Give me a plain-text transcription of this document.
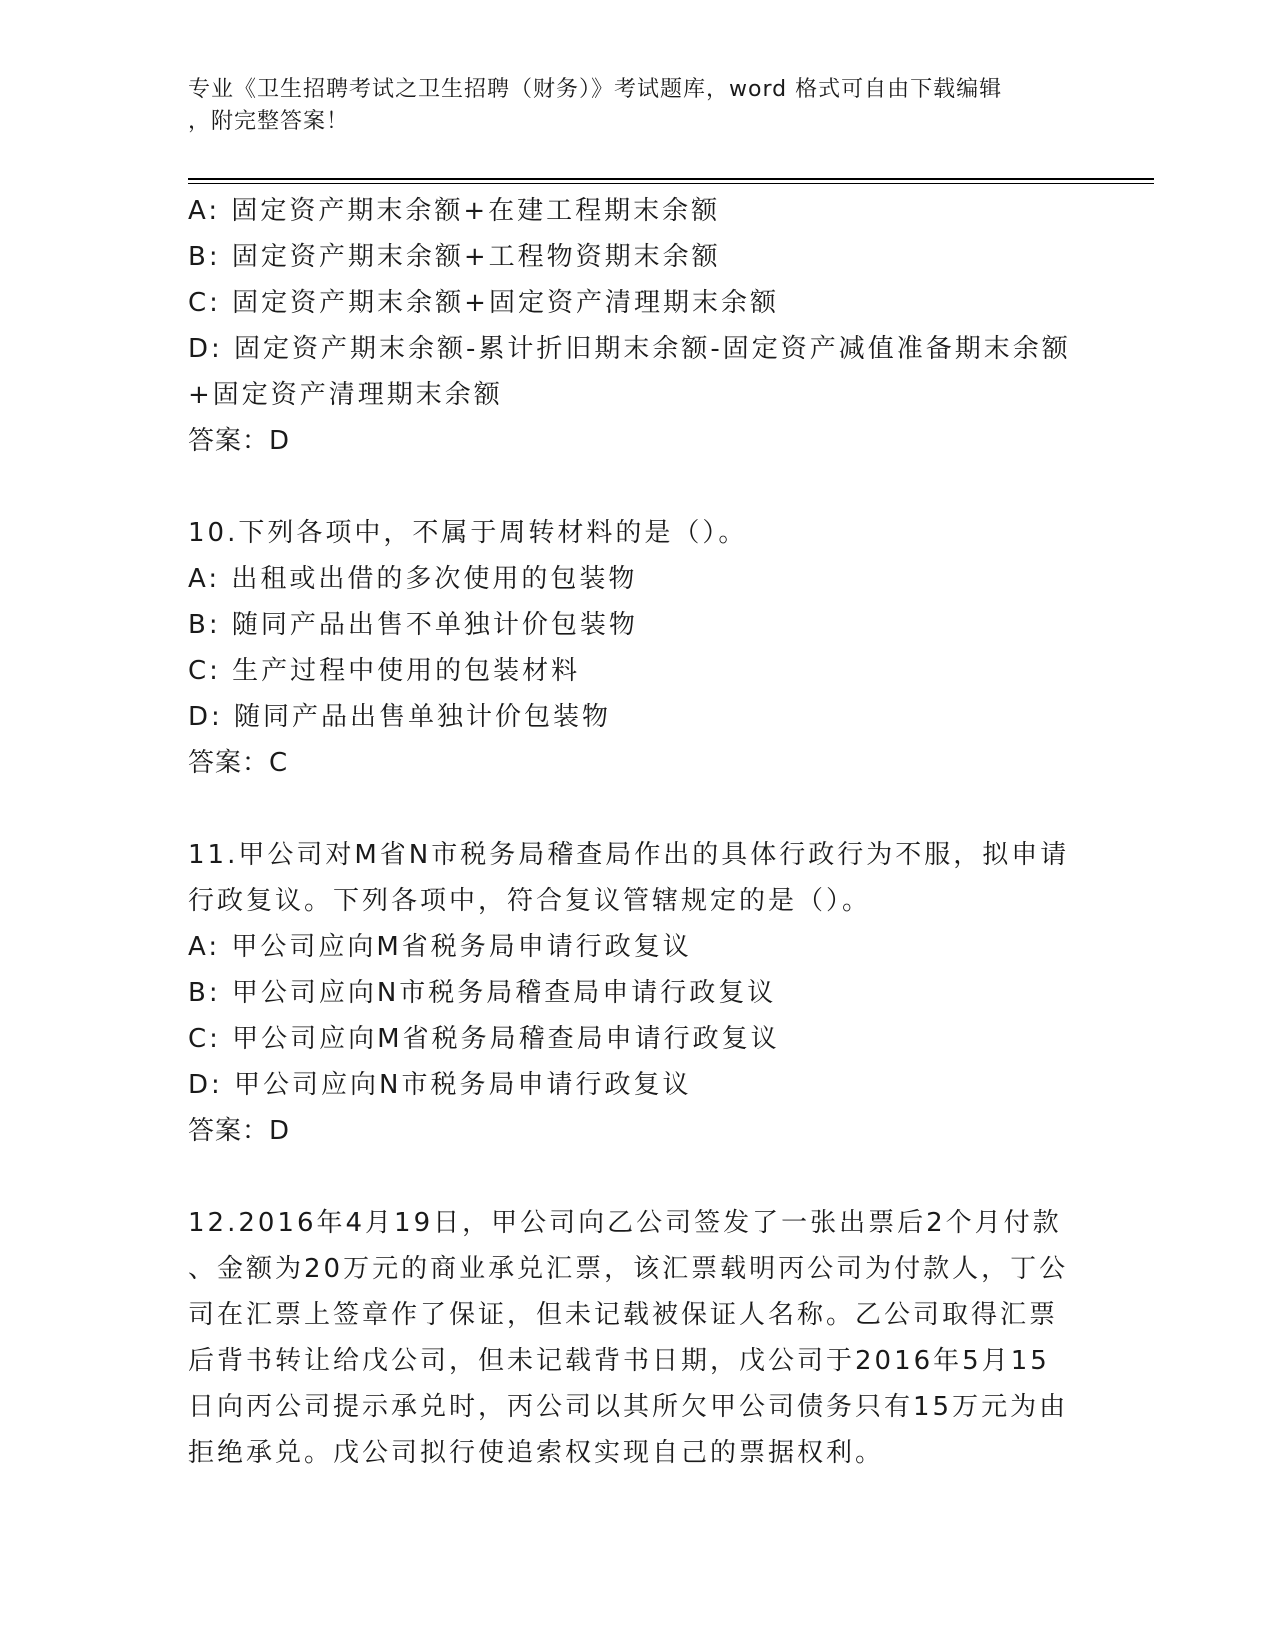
专业《卫生招聘考试之卫生招聘（财务）》考试题库，word 格式可自由下载编辑
，附完整答案！
A: 固定资产期末余额+在建工程期末余额
B: 固定资产期末余额+工程物资期末余额
C: 固定资产期末余额+固定资产清理期末余额
D: 固定资产期末余额-累计折旧期末余额-固定资产减值准备期末余额
+固定资产清理期末余额
答案：D
10.下列各项中，不属于周转材料的是（）。
A: 出租或出借的多次使用的包装物
B: 随同产品出售不单独计价包装物
C: 生产过程中使用的包装材料
D: 随同产品出售单独计价包装物
答案：C
11.甲公司对M省N市税务局稽查局作出的具体行政行为不服，拟申请
行政复议。下列各项中，符合复议管辖规定的是（）。
A: 甲公司应向M省税务局申请行政复议
B: 甲公司应向N市税务局稽查局申请行政复议
C: 甲公司应向M省税务局稽查局申请行政复议
D: 甲公司应向N市税务局申请行政复议
答案：D
12.2016年4月19日，甲公司向乙公司签发了一张出票后2个月付款
、金额为20万元的商业承兑汇票，该汇票载明丙公司为付款人，丁公
司在汇票上签章作了保证，但未记载被保证人名称。乙公司取得汇票
后背书转让给戊公司，但未记载背书日期，戊公司于2016年5月15
日向丙公司提示承兑时，丙公司以其所欠甲公司债务只有15万元为由
拒绝承兑。戊公司拟行使追索权实现自己的票据权利。
